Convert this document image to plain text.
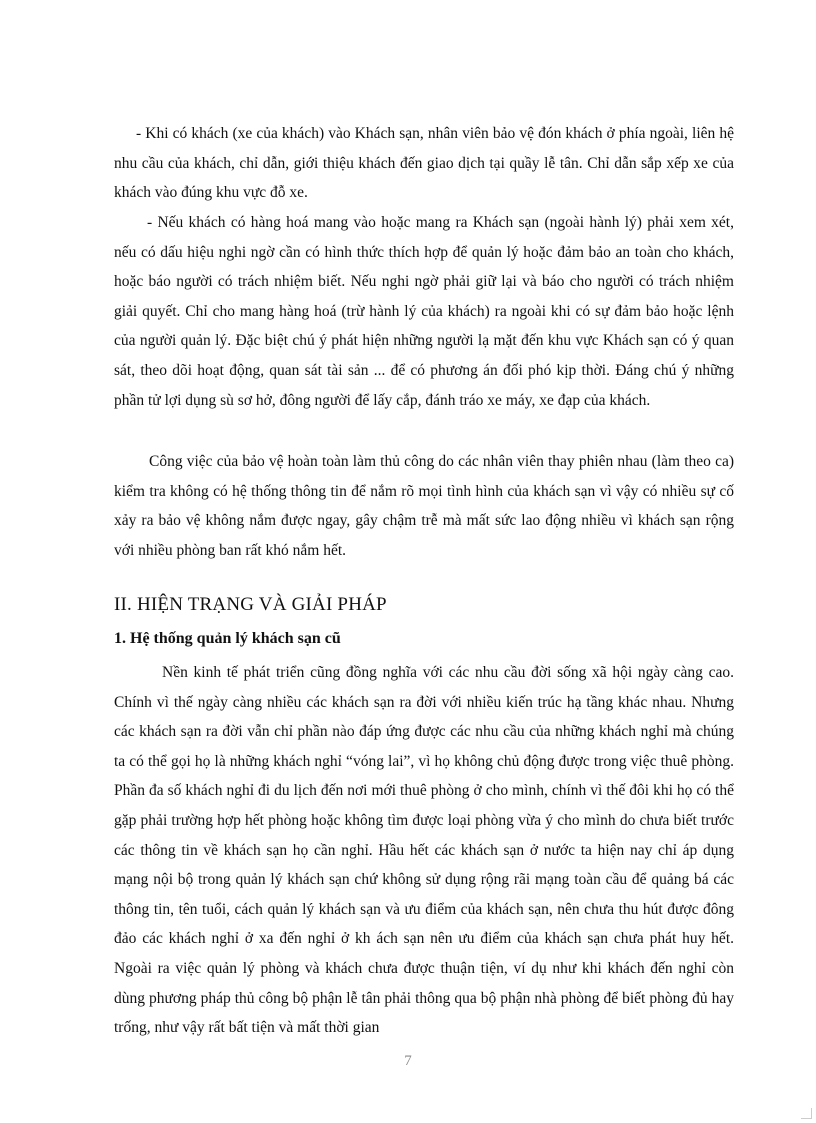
- Khi có khách (xe của khách) vào Khách sạn, nhân viên bảo vệ đón khách ở phía ngoài, liên hệ nhu cầu của khách, chỉ dẫn, giới thiệu khách đến giao dịch tại quầy lễ tân. Chỉ dẫn sắp xếp xe của khách vào đúng khu vực đỗ xe.

- Nếu khách có hàng hoá mang vào hoặc mang ra Khách sạn (ngoài hành lý) phải xem xét, nếu có dấu hiệu nghi ngờ cần có hình thức thích hợp để quản lý hoặc đảm bảo an toàn cho khách, hoặc báo người có trách nhiệm biết. Nếu nghi ngờ phải giữ lại và báo cho người có trách nhiệm giải quyết. Chỉ cho mang hàng hoá (trừ hành lý của khách) ra ngoài khi có sự đảm bảo hoặc lệnh của người quản lý. Đặc biệt chú ý phát hiện những người lạ mặt đến khu vực Khách sạn có ý quan sát, theo dõi hoạt động, quan sát tài sản ... để có phương án đối phó kịp thời. Đáng chú ý những phần tử lợi dụng sù sơ hở, đông người để lấy cắp, đánh tráo xe máy, xe đạp của khách.

Công việc của bảo vệ hoàn toàn làm thủ công do các nhân viên thay phiên nhau (làm theo ca) kiểm tra không có hệ thống thông tin để nắm rõ mọi tình hình của khách sạn vì vậy có nhiều sự cố xảy ra bảo vệ không nắm được ngay, gây chậm trễ mà mất sức lao động nhiều vì khách sạn rộng với nhiều phòng ban rất khó nắm hết.

II. HIỆN TRẠNG VÀ GIẢI PHÁP
1. Hệ thống quản lý khách sạn cũ

Nền kinh tế phát triển cũng đồng nghĩa với các nhu cầu đời sống xã hội ngày càng cao. Chính vì thế ngày càng nhiều các khách sạn ra đời với nhiều kiến trúc hạ tầng khác nhau. Nhưng các khách sạn ra đời vẫn chỉ phần nào đáp ứng được các nhu cầu của những khách nghỉ mà chúng ta có thể gọi họ là những khách nghỉ “vóng lai”, vì họ không chủ động được trong việc thuê phòng. Phần đa số khách nghỉ đi du lịch đến nơi mới thuê phòng ở cho mình, chính vì thế đôi khi họ có thể gặp phải trường hợp hết phòng hoặc không tìm được loại phòng vừa ý cho mình do chưa biết trước các thông tin về khách sạn họ cần nghỉ. Hầu hết các khách sạn ở nước ta hiện nay chỉ áp dụng mạng nội bộ trong quản lý khách sạn chứ không sử dụng rộng rãi mạng toàn cầu để quảng bá các thông tin, tên tuổi, cách quản lý khách sạn và ưu điểm của khách sạn, nên chưa thu hút được đông đảo các khách nghỉ ở xa đến nghỉ ở kh ách sạn nên ưu điểm của khách sạn chưa phát huy hết. Ngoài ra việc quản lý phòng và khách chưa được thuận tiện, ví dụ như khi khách đến nghỉ còn dùng phương pháp thủ công bộ phận lễ tân phải thông qua bộ phận nhà phòng để biết phòng đủ hay trống, như vậy rất bất tiện và mất thời gian

7
